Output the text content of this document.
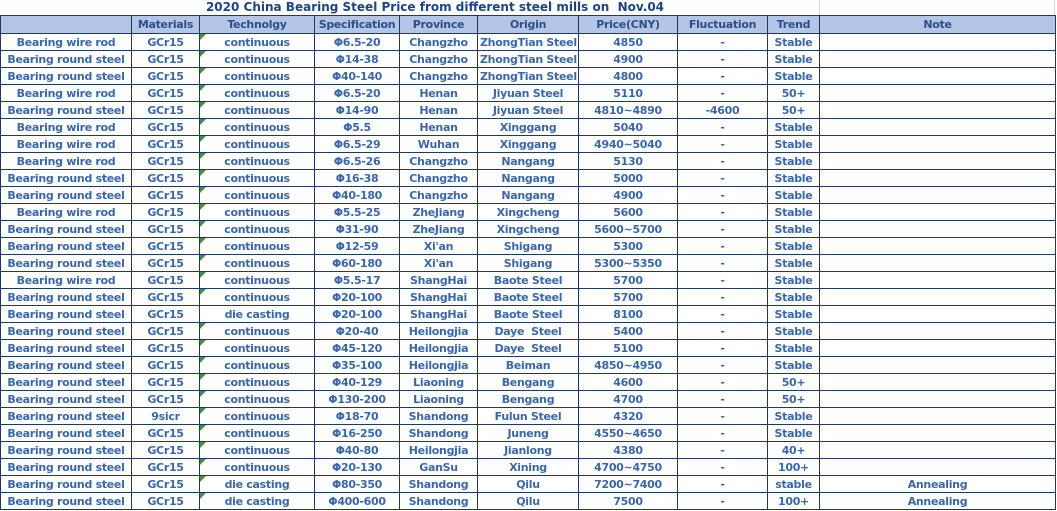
2020 China Bearing Steel Price from different steel mills on  Nov.04
	Materials	Technolgy	Specification	Province	Origin	Price(CNY)	Fluctuation	Trend	Note
Bearing wire rod	GCr15	continuous	Φ6.5-20	Changzho	ZhongTian Steel	4850	-	Stable	
Bearing round steel	GCr15	continuous	Φ14-38	Changzho	ZhongTian Steel	4900	-	Stable	
Bearing round steel	GCr15	continuous	Φ40-140	Changzho	ZhongTian Steel	4800	-	Stable	
Bearing wire rod	GCr15	continuous	Φ6.5-20	Henan	Jiyuan Steel	5110	-	50+	
Bearing round steel	GCr15	continuous	Φ14-90	Henan	Jiyuan Steel	4810~4890	-4600	50+	
Bearing wire rod	GCr15	continuous	Φ5.5	Henan	Xinggang	5040	-	Stable	
Bearing wire rod	GCr15	continuous	Φ6.5-29	Wuhan	Xinggang	4940~5040	-	Stable	
Bearing wire rod	GCr15	continuous	Φ6.5-26	Changzho	Nangang	5130	-	Stable	
Bearing round steel	GCr15	continuous	Φ16-38	Changzho	Nangang	5000	-	Stable	
Bearing round steel	GCr15	continuous	Φ40-180	Changzho	Nangang	4900	-	Stable	
Bearing wire rod	GCr15	continuous	Φ5.5-25	ZheJiang	Xingcheng	5600	-	Stable	
Bearing round steel	GCr15	continuous	Φ31-90	ZheJiang	Xingcheng	5600~5700	-	Stable	
Bearing round steel	GCr15	continuous	Φ12-59	Xi'an	Shigang	5300	-	Stable	
Bearing round steel	GCr15	continuous	Φ60-180	Xi'an	Shigang	5300~5350	-	Stable	
Bearing wire rod	GCr15	continuous	Φ5.5-17	ShangHai	Baote Steel	5700	-	Stable	
Bearing round steel	GCr15	continuous	Φ20-100	ShangHai	Baote Steel	5700	-	Stable	
Bearing round steel	GCr15	die casting	Φ20-100	ShangHai	Baote Steel	8100	-	Stable	
Bearing round steel	GCr15	continuous	Φ20-40	Heilongjia	Daye  Steel	5400	-	Stable	
Bearing round steel	GCr15	continuous	Φ45-120	Heilongjia	Daye  Steel	5100	-	Stable	
Bearing round steel	GCr15	continuous	Φ35-100	Heilongjia	Beiman	4850~4950	-	Stable	
Bearing round steel	GCr15	continuous	Φ40-129	Liaoning	Bengang	4600	-	50+	
Bearing round steel	GCr15	continuous	Φ130-200	Liaoning	Bengang	4700	-	50+	
Bearing round steel	9sicr	continuous	Φ18-70	Shandong	Fulun Steel	4320	-	Stable	
Bearing round steel	GCr15	continuous	Φ16-250	Shandong	Juneng	4550~4650	-	Stable	
Bearing round steel	GCr15	continuous	Φ40-80	Heilongjia	Jianlong	4380	-	40+	
Bearing round steel	GCr15	continuous	Φ20-130	GanSu	Xining	4700~4750	-	100+	
Bearing round steel	GCr15	die casting	Φ80-350	Shandong	Qilu	7200~7400	-	stable	Annealing
Bearing round steel	GCr15	die casting	Φ400-600	Shandong	Qilu	7500	-	100+	Annealing
